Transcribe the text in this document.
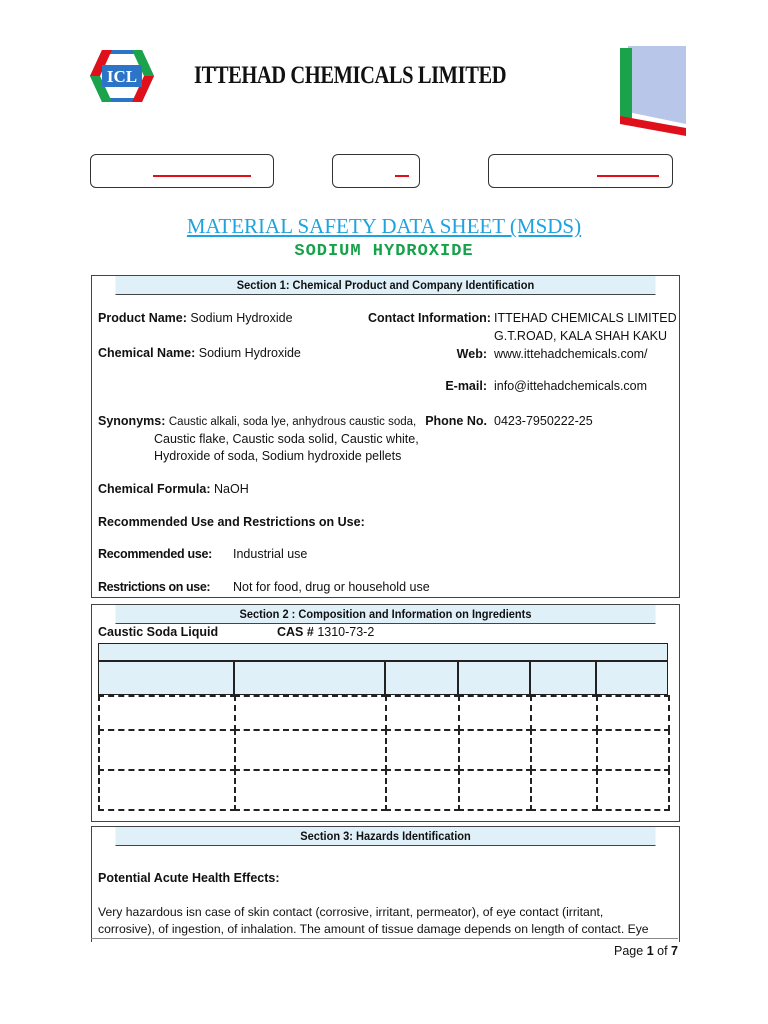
ICL ITTEHAD CHEMICALS LIMITED
MATERIAL SAFETY DATA SHEET (MSDS)
SODIUM HYDROXIDE
Section 1: Chemical Product and Company Identification
Product Name: Sodium Hydroxide
Chemical Name: Sodium Hydroxide
Contact Information: ITTEHAD CHEMICALS LIMITED
G.T.ROAD, KALA SHAH KAKU
Web: www.ittehadchemicals.com/
E-mail: info@ittehadchemicals.com
Synonyms: Caustic alkali, soda lye, anhydrous caustic soda,
Caustic flake, Caustic soda solid, Caustic white,
Hydroxide of soda, Sodium hydroxide pellets
Phone No. 0423-7950222-25
Chemical Formula: NaOH
Recommended Use and Restrictions on Use:
Recommended use: Industrial use
Restrictions on use: Not for food, drug or household use
Section 2 : Composition and Information on Ingredients
Caustic Soda Liquid	CAS # 1310-73-2
Section 3: Hazards Identification
Potential Acute Health Effects:
Very hazardous isn case of skin contact (corrosive, irritant, permeator), of eye contact (irritant,
corrosive), of ingestion, of inhalation. The amount of tissue damage depends on length of contact. Eye
Page 1 of 7
